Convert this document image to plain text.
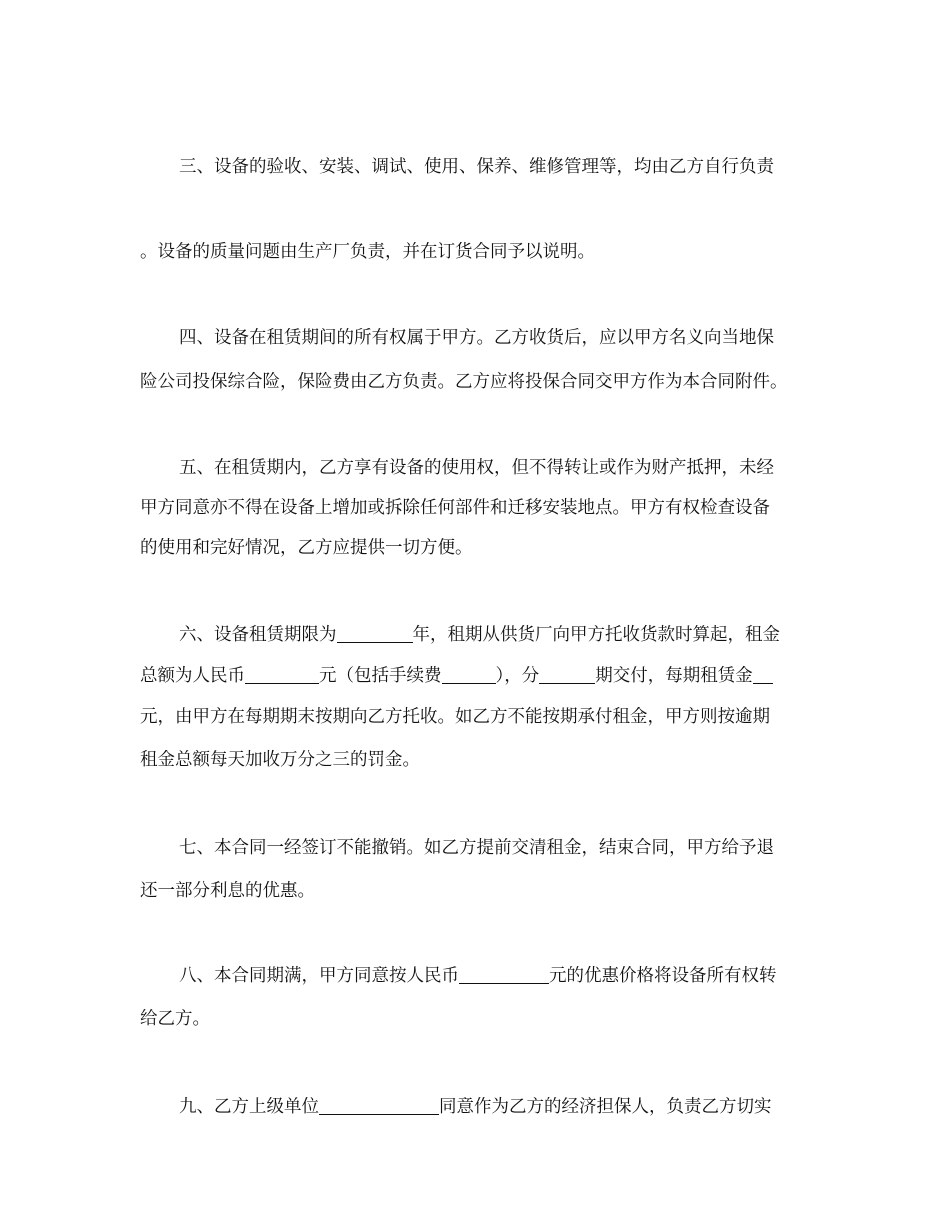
三、设备的验收、安装、调试、使用、保养、维修管理等，均由乙方自行负责
。设备的质量问题由生产厂负责，并在订货合同予以说明。
四、设备在租赁期间的所有权属于甲方。乙方收货后，应以甲方名义向当地保
险公司投保综合险，保险费由乙方负责。乙方应将投保合同交甲方作为本合同附件。
五、在租赁期内，乙方享有设备的使用权，但不得转让或作为财产抵押，未经
甲方同意亦不得在设备上增加或拆除任何部件和迁移安装地点。甲方有权检查设备
的使用和完好情况，乙方应提供一切方便。
六、设备租赁期限为	年，租期从供货厂向甲方托收货款时算起，租金
总额为人民币	元（包括手续费	），分	期交付，每期租赁金
元，由甲方在每期期末按期向乙方托收。如乙方不能按期承付租金，甲方则按逾期
租金总额每天加收万分之三的罚金。
七、本合同一经签订不能撤销。如乙方提前交清租金，结束合同，甲方给予退
还一部分利息的优惠。
八、本合同期满，甲方同意按人民币	元的优惠价格将设备所有权转
给乙方。
九、乙方上级单位	同意作为乙方的经济担保人，负责乙方切实
